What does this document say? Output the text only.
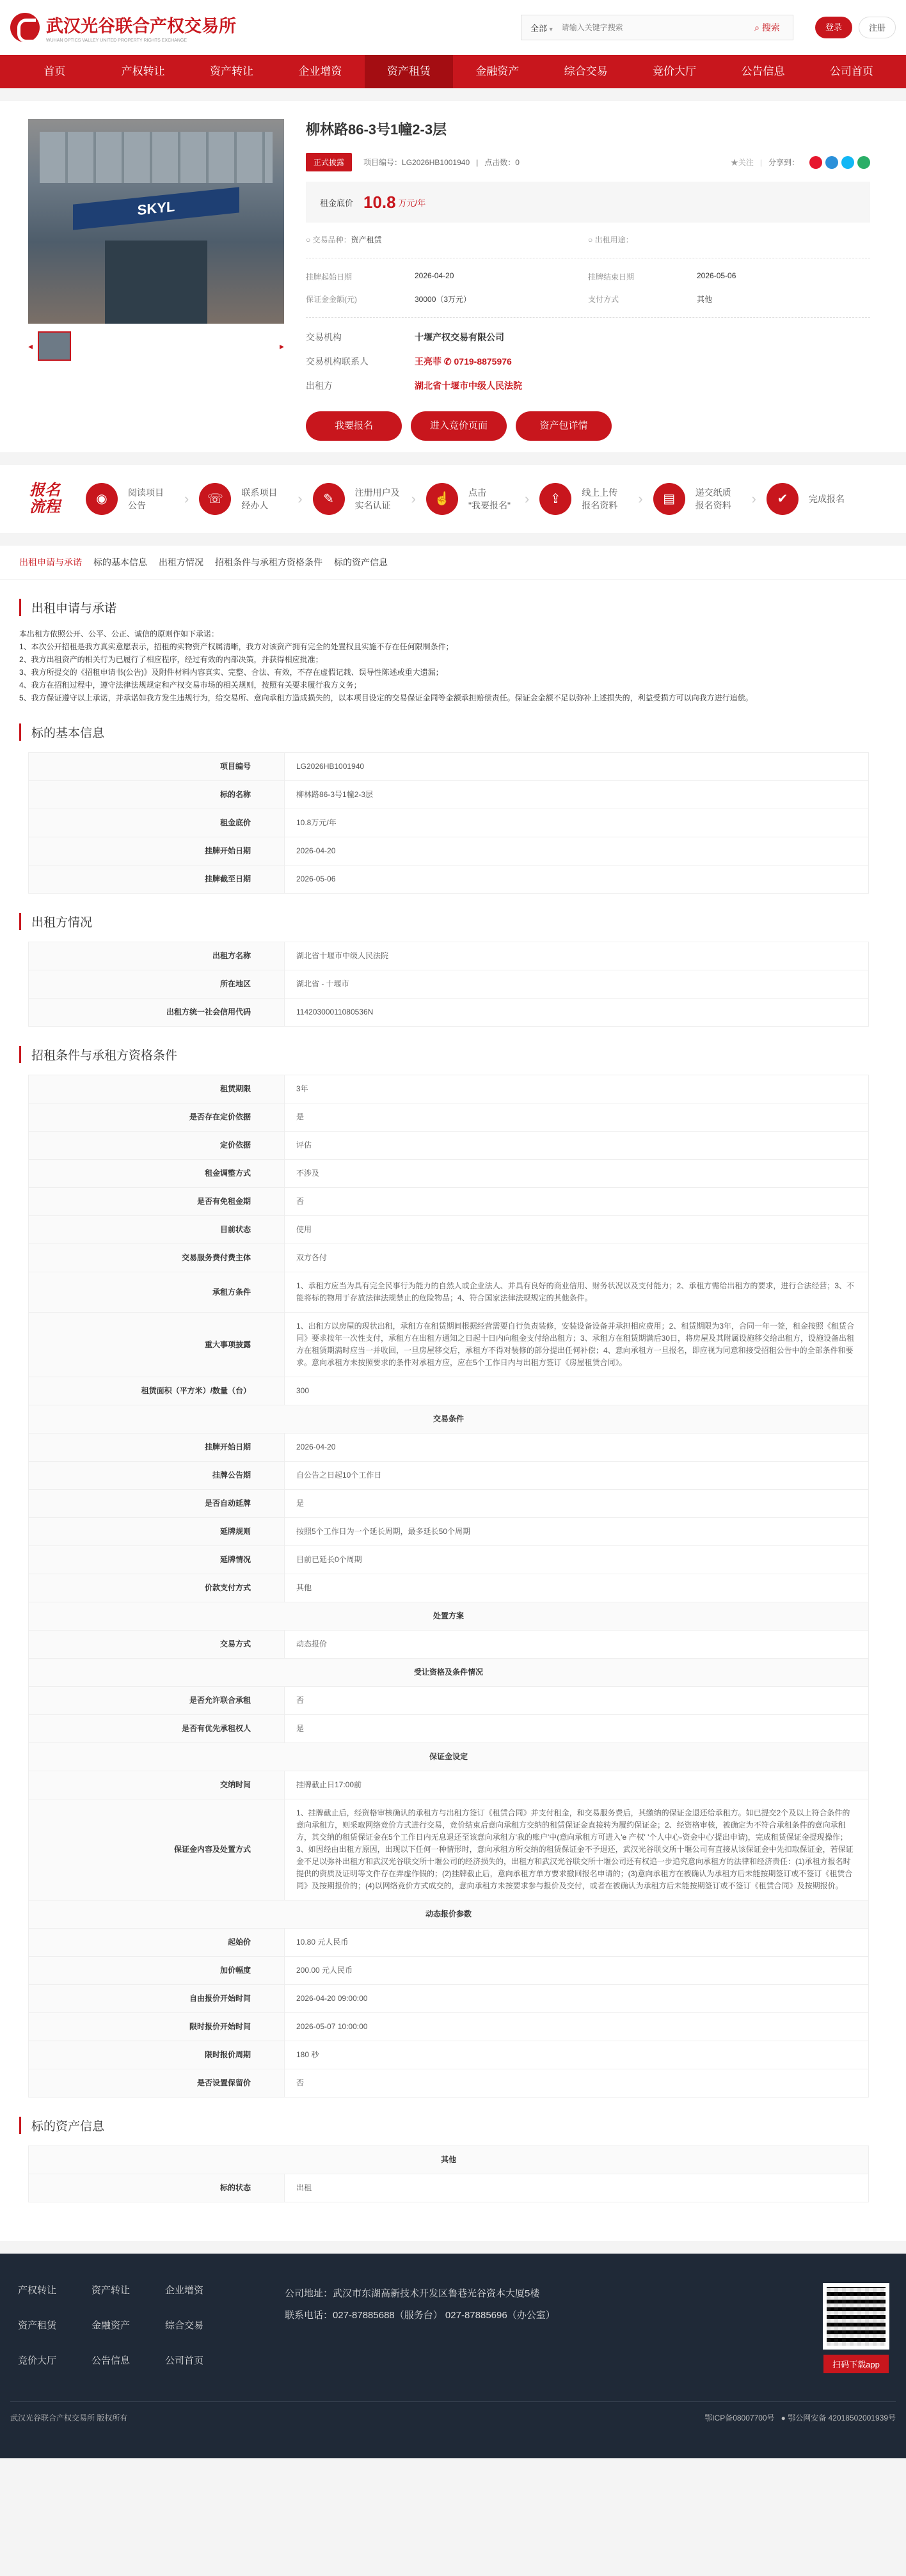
武汉光谷联合产权交易所
WUHAN OPTICS VALLEY UNITED PROPERTY RIGHTS EXCHANGE
全部 ▾
请输入关键字搜索	⌕ 搜索	登录	注册
首页	产权转让	资产转让	企业增资	资产租赁	金融资产	综合交易	竞价大厅	公告信息	公司首页
SKYL
◂	▸
柳林路86-3号1幢2-3层
正式披露	项目编号： LG2026HB1001940 | 点击数： 0	★关注 | 分享到：
租金底价 10.8 万元/年
○ 交易品种：资产租赁	○ 出租用途：
挂牌起始日期	2026-04-20	挂牌结束日期	2026-05-06
保证金金额(元)	30000（3万元）	支付方式	其他
交易机构	十堰产权交易有限公司
交易机构联系人	王亮菲 ✆ 0719-8875976
出租方	湖北省十堰市中级人民法院
我要报名	进入竞价页面	资产包详情
报名
流程	◉	阅读项目
公告	›	☏	联系项目
经办人	›	✎	注册用户及
实名认证	›	☝	点击
"我要报名"	›	⇪	线上上传
报名资料	›	▤	递交纸质
报名资料	›	✔	完成报名
出租申请与承诺 标的基本信息 出租方情况 招租条件与承租方资格条件 标的资产信息
出租申请与承诺
本出租方依照公开、公平、公正、诚信的原则作如下承诺：
1、本次公开招租是我方真实意愿表示，招租的实物资产权属清晰，我方对该资产拥有完全的处置权且实施不存在任何限制条件；
2、我方出租资产的相关行为已履行了相应程序，经过有效的内部决策，并获得相应批准；
3、我方所提交的《招租申请书(公告)》及附件材料内容真实、完整、合法、有效，不存在虚假记载、误导性陈述或重大遗漏；
4、我方在招租过程中，遵守法律法规规定和产权交易市场的相关规则，按照有关要求履行我方义务；
5、我方保证遵守以上承诺，并承诺如我方发生违规行为，给交易所、意向承租方造成损失的，以本项目设定的交易保证金同等金额承担赔偿责任。保证金金额不足以弥补上述损失的，利益受损方可以向我方进行追偿。
标的基本信息
项目编号	LG2026HB1001940
标的名称	柳林路86-3号1幢2-3层
租金底价	10.8万元/年
挂牌开始日期	2026-04-20
挂牌截至日期	2026-05-06
出租方情况
出租方名称	湖北省十堰市中级人民法院
所在地区	湖北省 - 十堰市
出租方统一社会信用代码	11420300011080536N
招租条件与承租方资格条件
租赁期限	3年
是否存在定价依据	是
定价依据	评估
租金调整方式	不涉及
是否有免租金期	否
目前状态	使用
交易服务费付费主体	双方各付
承租方条件	1、承租方应当为具有完全民事行为能力的自然人或企业法人、并具有良好的商业信用、财务状况以及支付能力；2、承租方需给出租方的要求，进行合法经营；3、不能将标的物用于存放法律法规禁止的危险物品；4、符合国家法律法规规定的其他条件。
重大事项披露	1、出租方以房屋的现状出租，承租方在租赁期间根据经营需要自行负责装修，安装设备设备并承担相应费用；2、租赁期限为3年，合同一年一签，租金按照《租赁合同》要求按年一次性支付，承租方在出租方通知之日起十日内向租金支付给出租方；3、承租方在租赁期满后30日，将房屋及其附属设施移交给出租方，设施设备出租方在租赁期满时应当一并收回，一旦房屋移交后，承租方不得对装修的部分提出任何补偿；4、意向承租方一旦报名，即应视为同意和接受招租公告中的全部条件和要求。意向承租方未按照要求的条件对承租方应，应在5个工作日内与出租方签订《房屋租赁合同》。
租赁面积（平方米）/数量（台）	300
交易条件	
挂牌开始日期	2026-04-20
挂牌公告期	自公告之日起10个工作日
是否自动延牌	是
延牌规则	按照5个工作日为一个延长周期，最多延长50个周期
延牌情况	目前已延长0个周期
价款支付方式	其他
处置方案	
交易方式	动态报价
受让资格及条件情况	
是否允许联合承租	否
是否有优先承租权人	是
保证金设定	
交纳时间	挂牌截止日17:00前
保证金内容及处置方式	1、挂牌截止后，经资格审核确认的承租方与出租方签订《租赁合同》并支付租金，和交易服务费后，其缴纳的保证金退还给承租方。如已提交2个及以上符合条件的意向承租方，则采取网络竞价方式进行交易，竞价结束后意向承租方交纳的租赁保证金直接转为履约保证金；2、经资格审核，被确定为不符合承租条件的意向承租方，其交纳的租赁保证金在5个工作日内无息退还至该意向承租方'我的账户'中(意向承租方可进入'e 产权' '个人中心-资金中心'提出申请)，完成租赁保证金提现操作；3、如因经由出租方原因，出现以下任何一种情形时，意向承租方所交纳的租赁保证金不予退还，武汉光谷联交所十堰公司有直接从该保证金中先扣取保证金，若保证金不足以弥补出租方和武汉光谷联交所十堰公司的经济损失的，出租方和武汉光谷联交所十堰公司还有权追一步追究意向承租方的法律和经济责任：(1)承租方报名时提供的资质及证明等文件存在弄虚作假的；(2)挂牌截止后，意向承租方单方要求撤回报名申请的；(3)意向承租方在被确认为承租方后未能按期签订或不签订《租赁合同》及按期报价的；(4)以网络竞价方式成交的，意向承租方未按要求参与报价及交付，或者在被确认为承租方后未能按期签订或不签订《租赁合同》及按期报价。
动态报价参数	
起始价	10.80 元人民币
加价幅度	200.00 元人民币
自由报价开始时间	2026-04-20 09:00:00
限时报价开始时间	2026-05-07 10:00:00
限时报价周期	180 秒
是否设置保留价	否
标的资产信息
其他
标的状态	出租
产权转让	资产转让	企业增资
资产租赁	金融资产	综合交易
竞价大厅	公告信息	公司首页
公司地址：武汉市东湖高新技术开发区鲁巷光谷资本大厦5楼
联系电话：027-87885688（服务台） 027-87885696（办公室）
扫码下载app
武汉光谷联合产权交易所 版权所有	鄂ICP备08007700号 ● 鄂公网安备 42018502001939号
